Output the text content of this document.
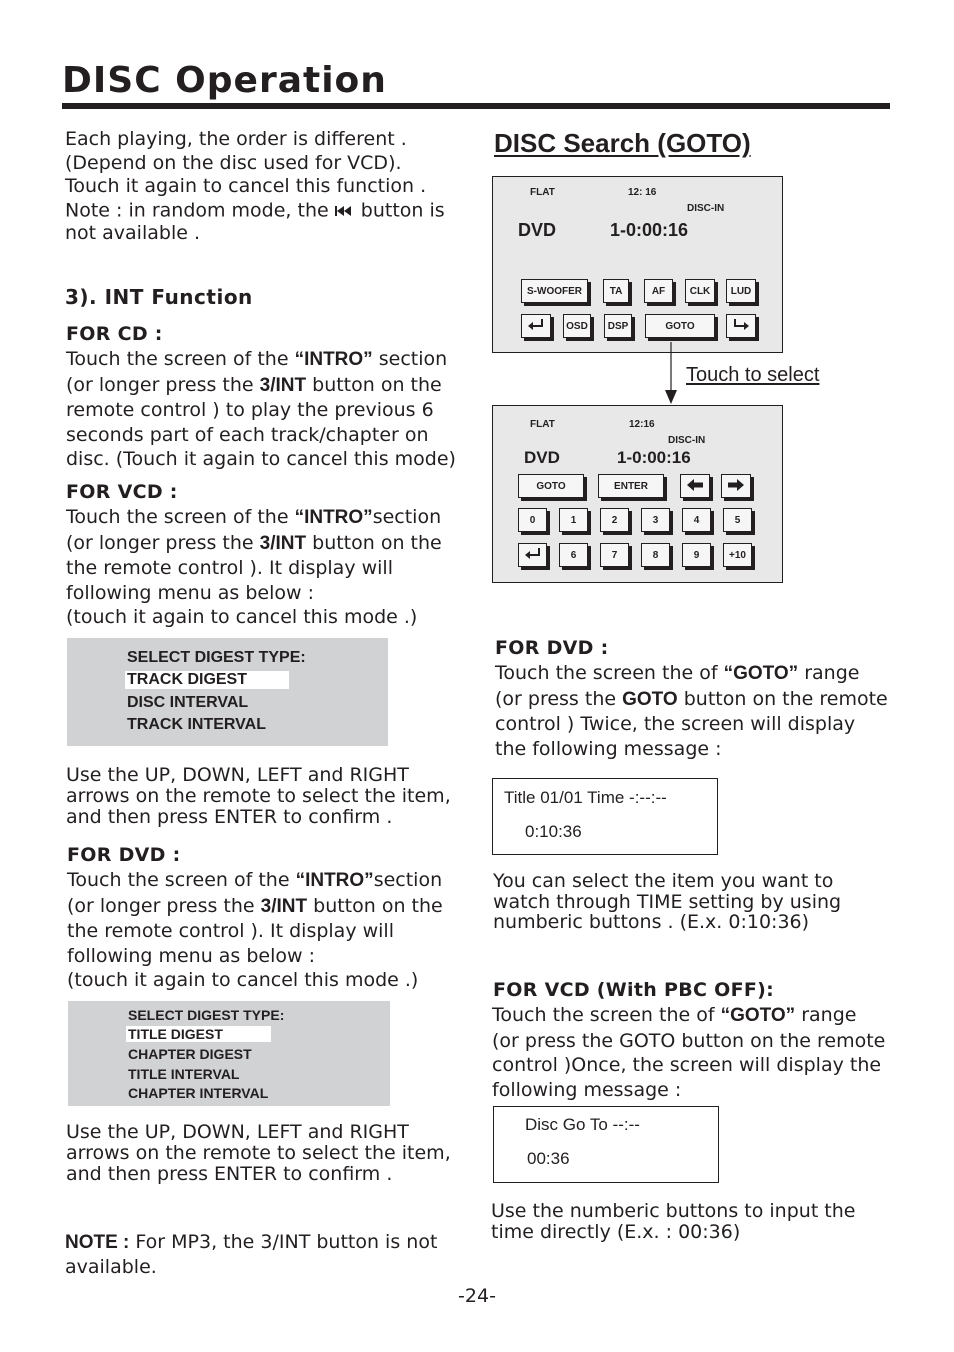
DISC Operation
Each playing, the order is different .
(Depend on the disc used for VCD).
Touch it again to cancel this function .
Note : in random mode, the button is
not available .
3). INT Function
FOR CD :
Touch the screen of the “INTRO” section
(or longer press the 3/INT button on the
remote control ) to play the previous 6
seconds part of each track/chapter on
disc. (Touch it again to cancel this mode)
FOR VCD :
Touch the screen of the “INTRO”section
(or longer press the 3/INT button on the
the remote control ). It display will
following menu as below :
(touch it again to cancel this mode .)
SELECT DIGEST TYPE:
TRACK DIGEST
DISC INTERVAL
TRACK INTERVAL
Use the UP, DOWN, LEFT and RIGHT
arrows on the remote to select the item,
and then press ENTER to confirm .
FOR DVD :
Touch the screen of the “INTRO”section
(or longer press the 3/INT button on the
the remote control ). It display will
following menu as below :
(touch it again to cancel this mode .)
SELECT DIGEST TYPE:
TITLE DIGEST
CHAPTER DIGEST
TITLE INTERVAL
CHAPTER INTERVAL
Use the UP, DOWN, LEFT and RIGHT
arrows on the remote to select the item,
and then press ENTER to confirm .
NOTE : For MP3, the 3/INT button is not
available.
DISC Search (GOTO)
FLAT	12: 16
DISC-IN
DVD	1-0:00:16
S-WOOFER	TA	AF	CLK	LUD
OSD	DSP	GOTO
Touch to select
FLAT	12:16
DISC-IN
DVD	1-0:00:16
GOTO	ENTER
0	1	2	3	4	5
6	7	8	9	+10
FOR DVD :
Touch the screen the of “GOTO” range
(or press the GOTO button on the remote
control ) Twice, the screen will display
the following message :
Title 01/01 Time -:--:--
0:10:36
You can select the item you want to
watch through TIME setting by using
numberic buttons . (E.x. 0:10:36)
FOR VCD (With PBC OFF):
Touch the screen the of “GOTO” range
(or press the GOTO button on the remote
control )Once, the screen will display the
following message :
Disc Go To --:--
00:36
Use the numberic buttons to input the
time directly (E.x. : 00:36)
-24-
